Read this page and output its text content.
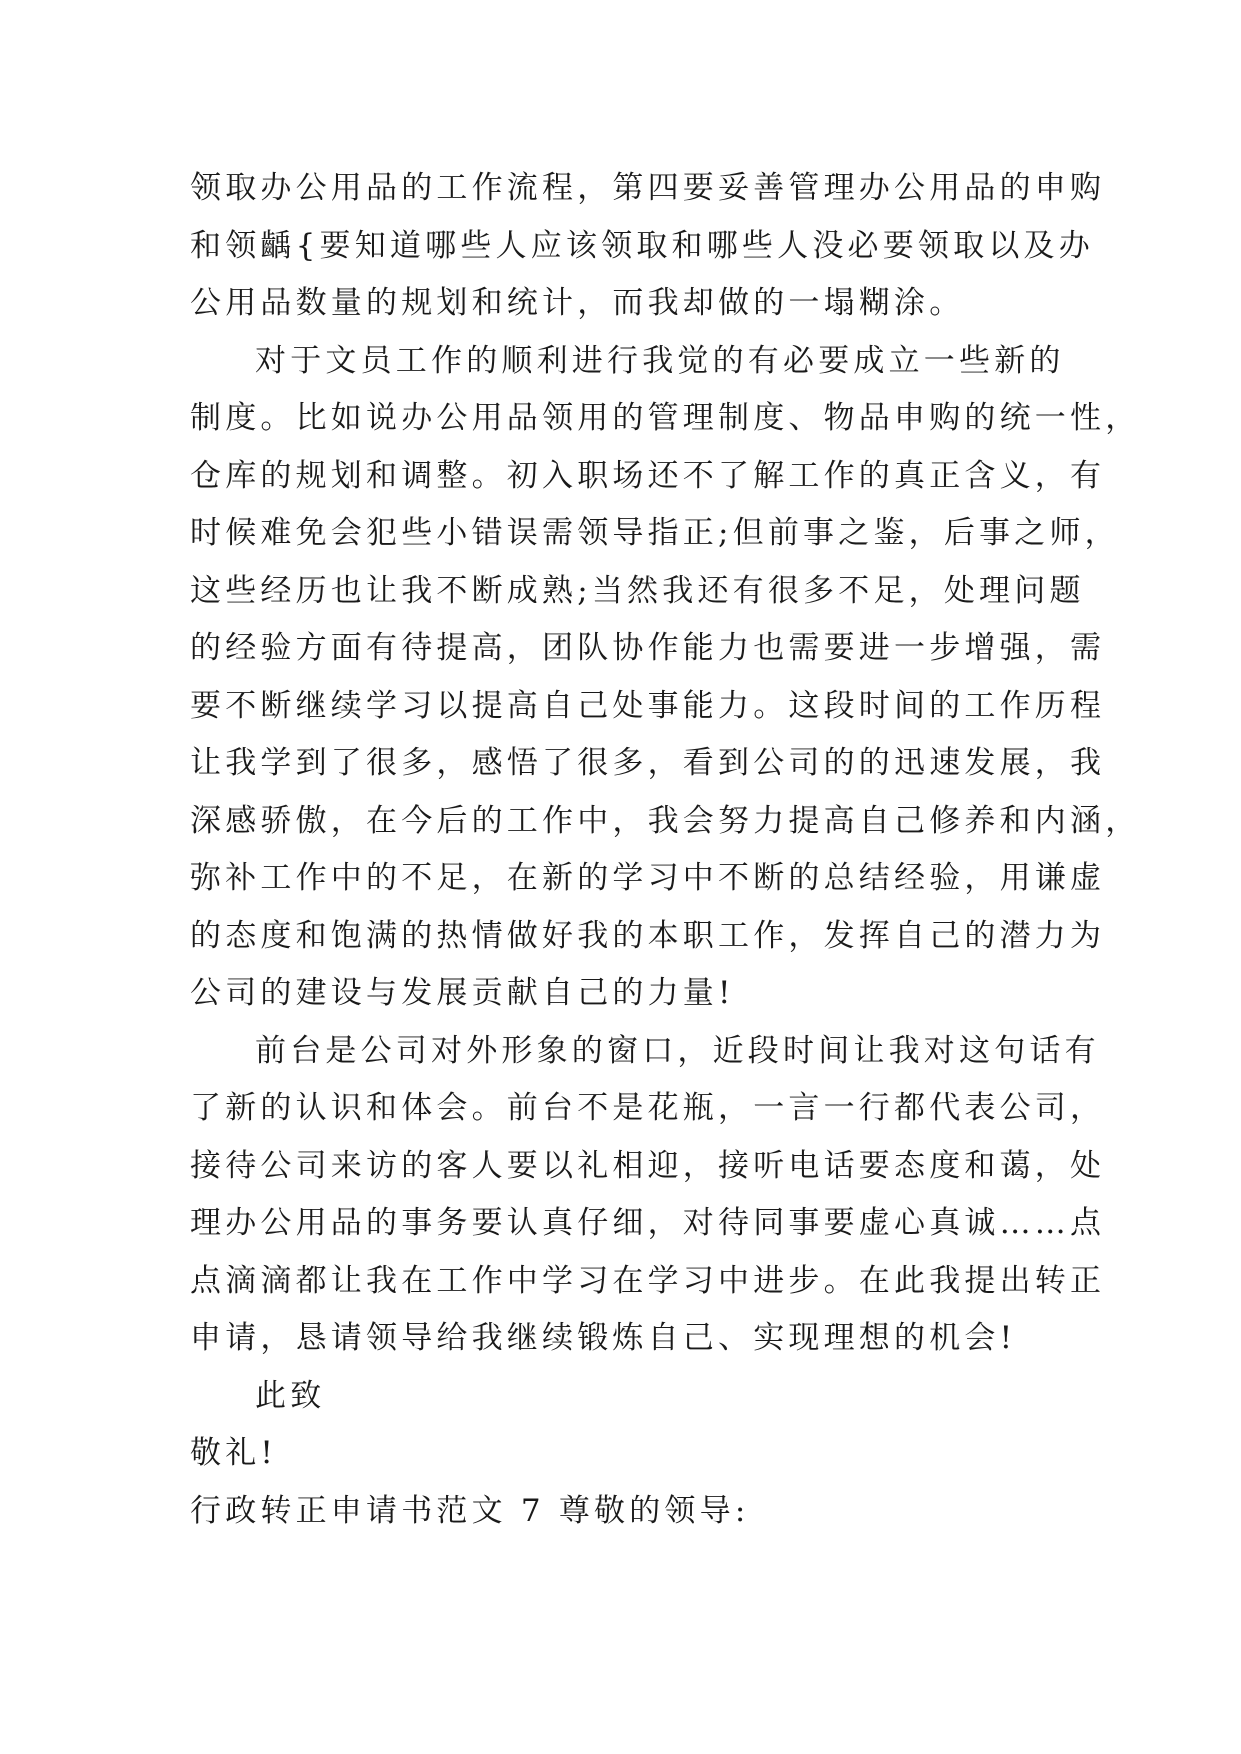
领取办公用品的工作流程，第四要妥善管理办公用品的申购
和领齲{要知道哪些人应该领取和哪些人没必要领取以及办
公用品数量的规划和统计，而我却做的一塌糊涂。
对于文员工作的顺利进行我觉的有必要成立一些新的
制度。比如说办公用品领用的管理制度、物品申购的统一性，
仓库的规划和调整。初入职场还不了解工作的真正含义，有
时候难免会犯些小错误需领导指正;但前事之鉴，后事之师，
这些经历也让我不断成熟;当然我还有很多不足，处理问题
的经验方面有待提高，团队协作能力也需要进一步增强，需
要不断继续学习以提高自己处事能力。这段时间的工作历程
让我学到了很多，感悟了很多，看到公司的的迅速发展，我
深感骄傲，在今后的工作中，我会努力提高自己修养和内涵，
弥补工作中的不足，在新的学习中不断的总结经验，用谦虚
的态度和饱满的热情做好我的本职工作，发挥自己的潜力为
公司的建设与发展贡献自己的力量!
前台是公司对外形象的窗口，近段时间让我对这句话有
了新的认识和体会。前台不是花瓶，一言一行都代表公司，
接待公司来访的客人要以礼相迎，接听电话要态度和蔼，处
理办公用品的事务要认真仔细，对待同事要虚心真诚……点
点滴滴都让我在工作中学习在学习中进步。在此我提出转正
申请，恳请领导给我继续锻炼自己、实现理想的机会!
此致
敬礼!
行政转正申请书范文 7 尊敬的领导:
